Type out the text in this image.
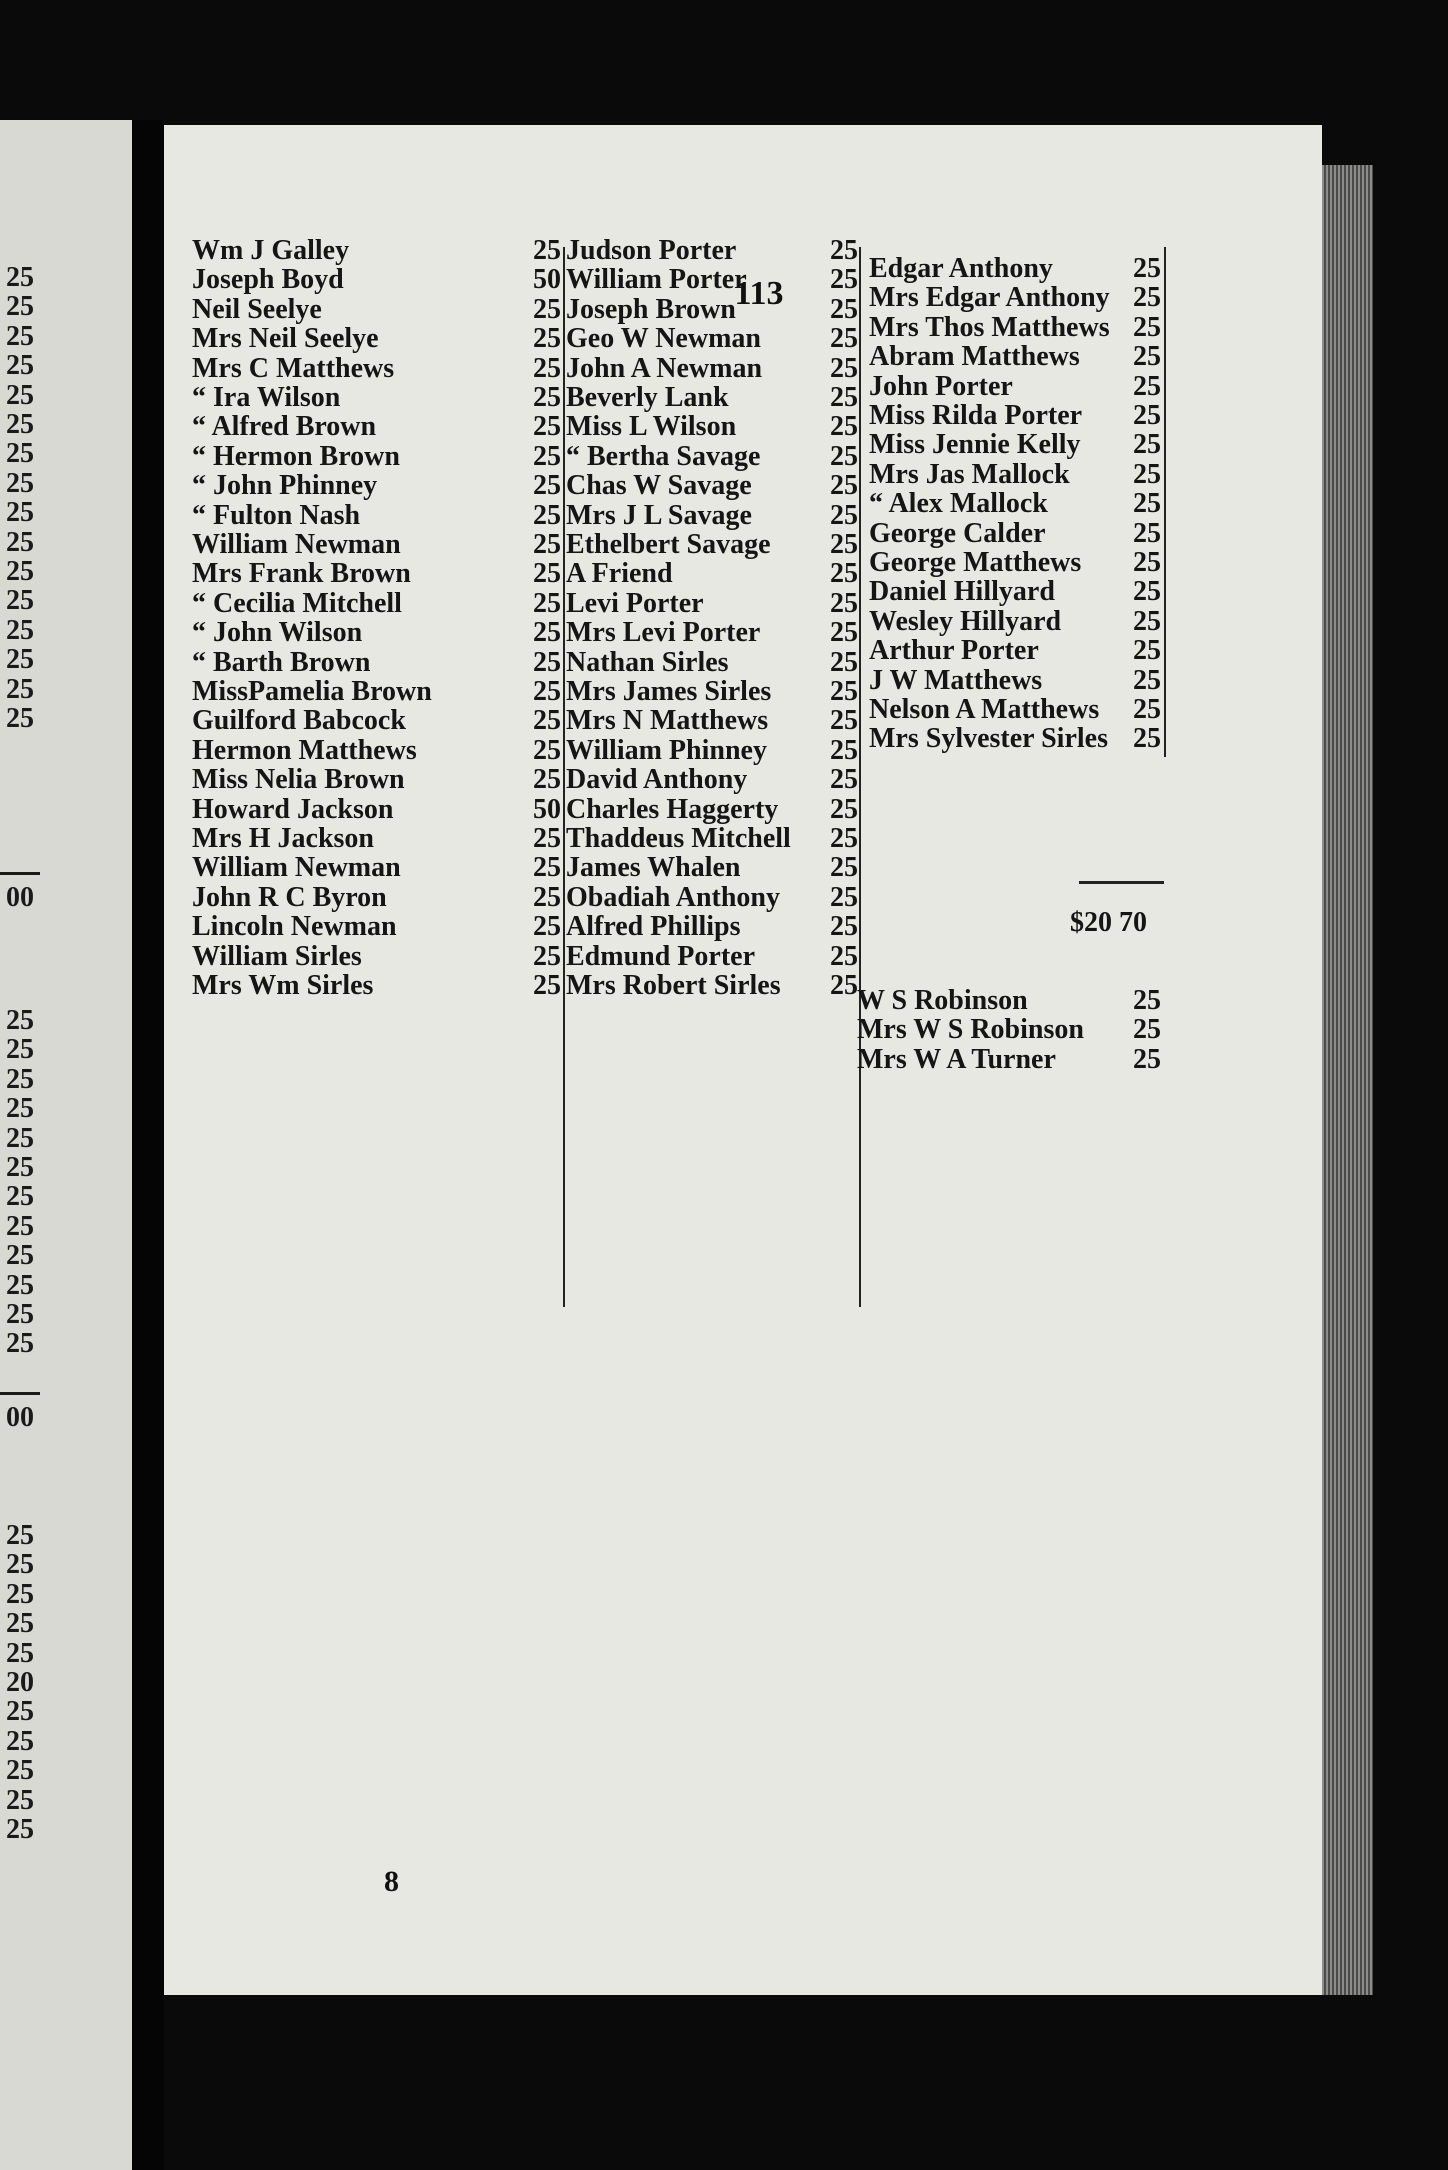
25
25
25
25
25
25
25
25
25
25
25
25
25
25
25
25
25
25
25
25
25
25
25
25
25
25
25
25
25
25
25
25
25
20
25
25
25
25
25
00
00
113
$20 70
8
Wm J Galley	25
Joseph Boyd	50
Neil Seelye	25
Mrs Neil Seelye	25
Mrs C Matthews	25
“ Ira Wilson	25
“ Alfred Brown	25
“ Hermon Brown	25
“ John Phinney	25
“ Fulton Nash	25
William Newman	25
Mrs Frank Brown	25
“ Cecilia Mitchell	25
“ John Wilson	25
“ Barth Brown	25
MissPamelia Brown	25
Guilford Babcock	25
Hermon Matthews	25
Miss Nelia Brown	25
Howard Jackson	50
Mrs H Jackson	25
William Newman	25
John R C Byron	25
Lincoln Newman	25
William Sirles	25
Mrs Wm Sirles	25
Judson Porter	25
William Porter	25
Joseph Brown	25
Geo W Newman 25
John A Newman 25
Beverly Lank	25
Miss L Wilson	25
“ Bertha Savage 25
Chas W Savage	25
Mrs J L Savage	25
Ethelbert Savage 25
A Friend	25
Levi Porter	25
Mrs Levi Porter 25
Nathan Sirles	25
Mrs James Sirles 25
Mrs N Matthews 25
William Phinney 25
David Anthony	25
Charles Haggerty 25
Thaddeus Mitchell 25
James Whalen	25
Obadiah Anthony 25
Alfred Phillips	25
Edmund Porter	25
Mrs Robert Sirles 25
Edgar Anthony	25
Mrs Edgar Anthony 25
Mrs Thos Matthews 25
Abram Matthews 25
John Porter	25
Miss Rilda Porter 25
Miss Jennie Kelly 25
Mrs Jas Mallock 25
“ Alex Mallock	25
George Calder	25
George Matthews 25
Daniel Hillyard	25
Wesley Hillyard	25
Arthur Porter	25
J W Matthews	25
Nelson A Matthews 25
Mrs Sylvester Sirles 25
W S Robinson	25
Mrs W S Robinson 25
Mrs W A Turner	25
